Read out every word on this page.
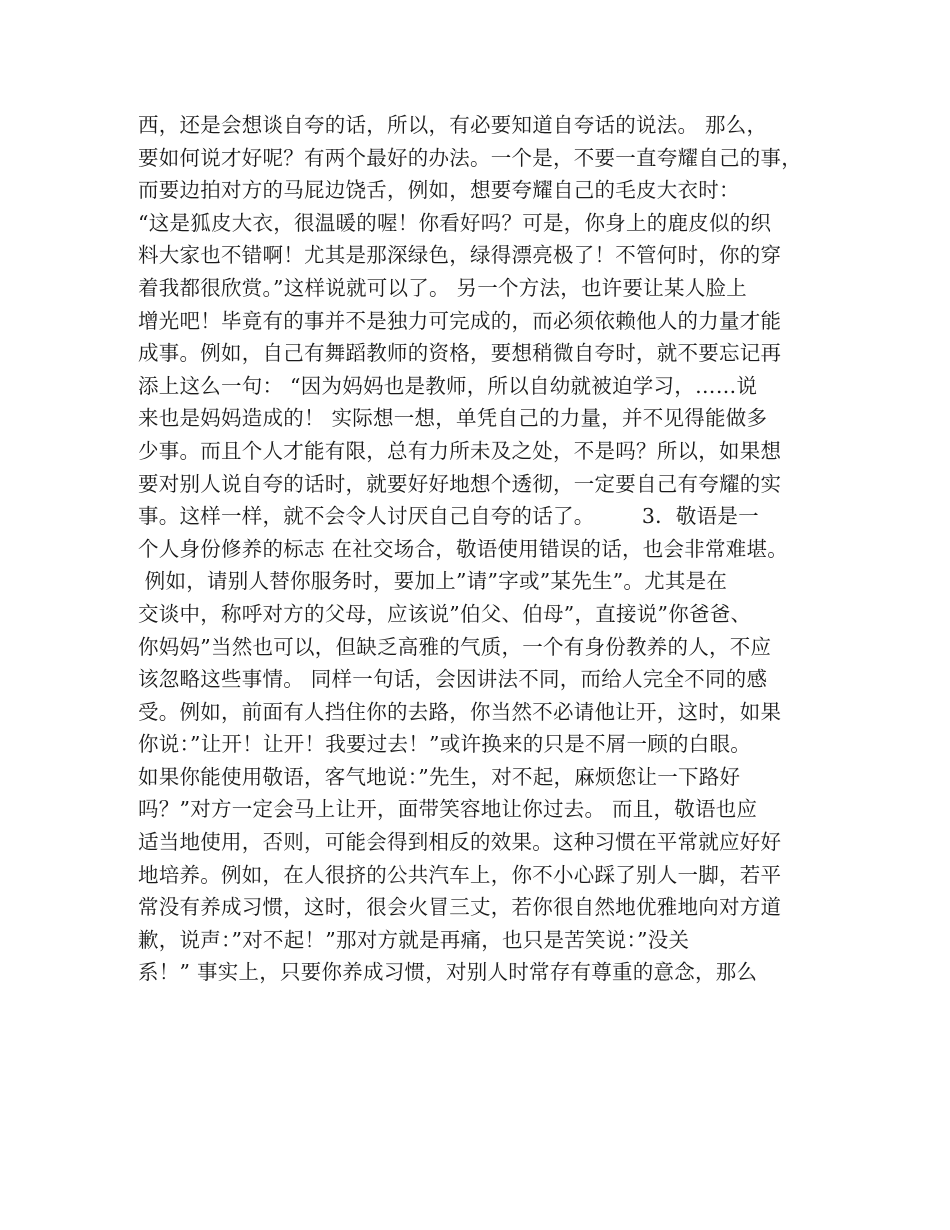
西，还是会想谈自夸的话，所以，有必要知道自夸话的说法。 那么，
要如何说才好呢？有两个最好的办法。一个是，不要一直夸耀自己的事，
而要边拍对方的马屁边饶舌，例如，想要夸耀自己的毛皮大衣时：
“这是狐皮大衣，很温暖的喔！你看好吗？可是，你身上的鹿皮似的织
料大家也不错啊！尤其是那深绿色，绿得漂亮极了！不管何时，你的穿
着我都很欣赏。”这样说就可以了。 另一个方法，也许要让某人脸上
增光吧！毕竟有的事并不是独力可完成的，而必须依赖他人的力量才能
成事。例如，自己有舞蹈教师的资格，要想稍微自夸时，就不要忘记再
添上这么一句： “因为妈妈也是教师，所以自幼就被迫学习，……说
来也是妈妈造成的！ 实际想一想，单凭自己的力量，并不见得能做多
少事。而且个人才能有限，总有力所未及之处，不是吗？所以，如果想
要对别人说自夸的话时，就要好好地想个透彻，一定要自己有夸耀的实
事。这样一样，就不会令人讨厌自己自夸的话了。       3．敬语是一
个人身份修养的标志 在社交场合，敬语使用错误的话，也会非常难堪。
例如，请别人替你服务时，要加上”请”字或”某先生”。尤其是在
交谈中，称呼对方的父母，应该说”伯父、伯母”，直接说”你爸爸、
你妈妈”当然也可以，但缺乏高雅的气质，一个有身份教养的人，不应
该忽略这些事情。 同样一句话，会因讲法不同，而给人完全不同的感
受。例如，前面有人挡住你的去路，你当然不必请他让开，这时，如果
你说：”让开！让开！我要过去！”或许换来的只是不屑一顾的白眼。
如果你能使用敬语，客气地说：”先生，对不起，麻烦您让一下路好
吗？”对方一定会马上让开，面带笑容地让你过去。 而且，敬语也应
适当地使用，否则，可能会得到相反的效果。这种习惯在平常就应好好
地培养。例如，在人很挤的公共汽车上，你不小心踩了别人一脚，若平
常没有养成习惯，这时，很会火冒三丈，若你很自然地优雅地向对方道
歉，说声：”对不起！”那对方就是再痛，也只是苦笑说：”没关
系！” 事实上，只要你养成习惯，对别人时常存有尊重的意念，那么
